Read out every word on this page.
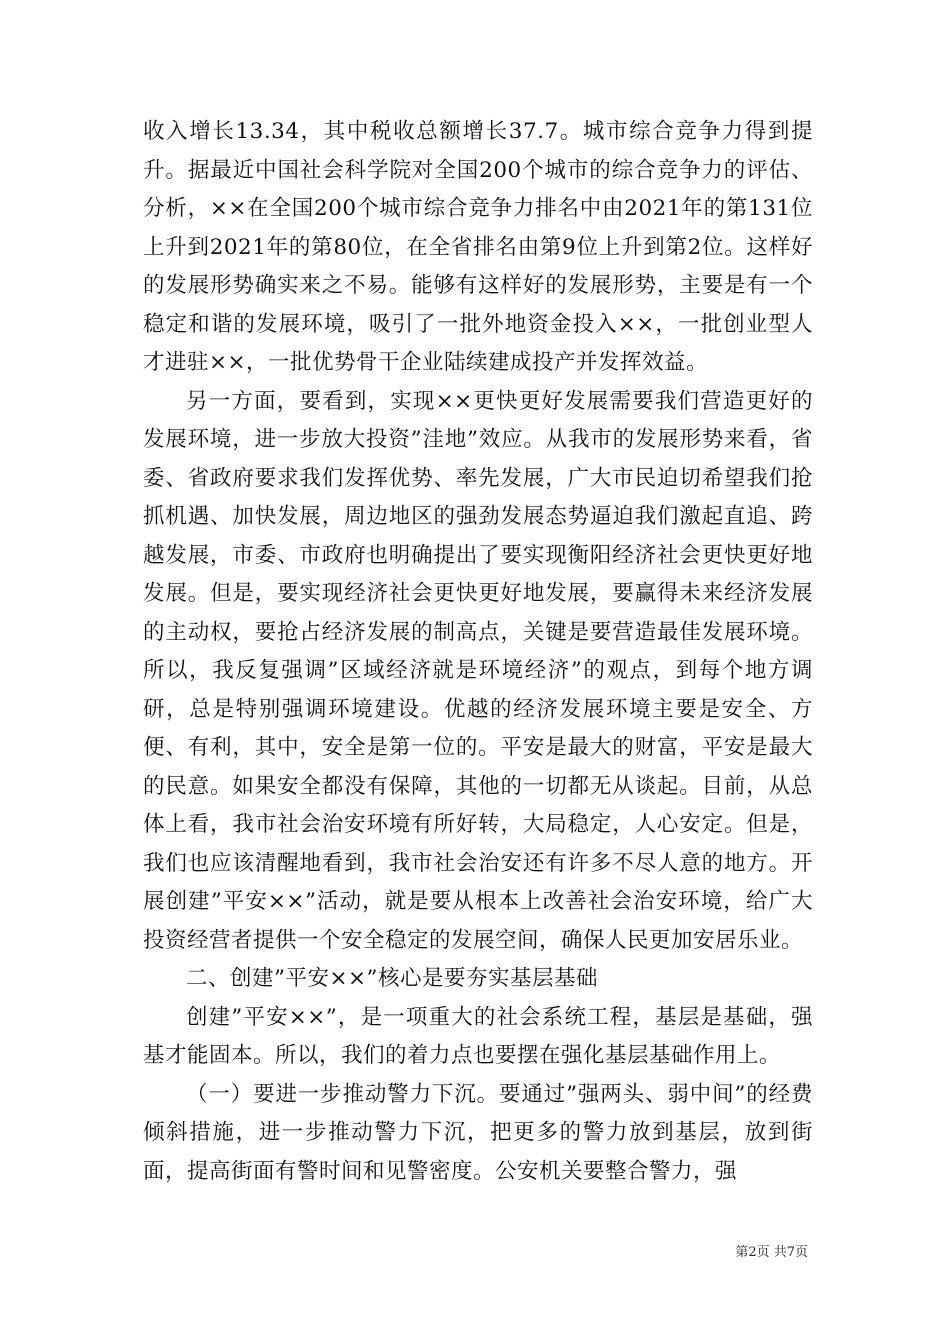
收入增长13.34，其中税收总额增长37.7。城市综合竞争力得到提升。据最近中国社会科学院对全国200个城市的综合竞争力的评估、分析，××在全国200个城市综合竞争力排名中由2021年的第131位上升到2021年的第80位，在全省排名由第9位上升到第2位。这样好的发展形势确实来之不易。能够有这样好的发展形势，主要是有一个稳定和谐的发展环境，吸引了一批外地资金投入××，一批创业型人才进驻××，一批优势骨干企业陆续建成投产并发挥效益。

另一方面，要看到，实现××更快更好发展需要我们营造更好的发展环境，进一步放大投资”洼地”效应。从我市的发展形势来看，省委、省政府要求我们发挥优势、率先发展，广大市民迫切希望我们抢抓机遇、加快发展，周边地区的强劲发展态势逼迫我们激起直追、跨越发展，市委、市政府也明确提出了要实现衡阳经济社会更快更好地发展。但是，要实现经济社会更快更好地发展，要赢得未来经济发展的主动权，要抢占经济发展的制高点，关键是要营造最佳发展环境。所以，我反复强调”区域经济就是环境经济”的观点，到每个地方调研，总是特别强调环境建设。优越的经济发展环境主要是安全、方便、有利，其中，安全是第一位的。平安是最大的财富，平安是最大的民意。如果安全都没有保障，其他的一切都无从谈起。目前，从总体上看，我市社会治安环境有所好转，大局稳定，人心安定。但是，我们也应该清醒地看到，我市社会治安还有许多不尽人意的地方。开展创建”平安××”活动，就是要从根本上改善社会治安环境，给广大投资经营者提供一个安全稳定的发展空间，确保人民更加安居乐业。

二、创建”平安××”核心是要夯实基层基础

创建”平安××”，是一项重大的社会系统工程，基层是基础，强基才能固本。所以，我们的着力点也要摆在强化基层基础作用上。

（一）要进一步推动警力下沉。要通过”强两头、弱中间”的经费倾斜措施，进一步推动警力下沉，把更多的警力放到基层，放到街面，提高街面有警时间和见警密度。公安机关要整合警力，强

第2页 共7页
